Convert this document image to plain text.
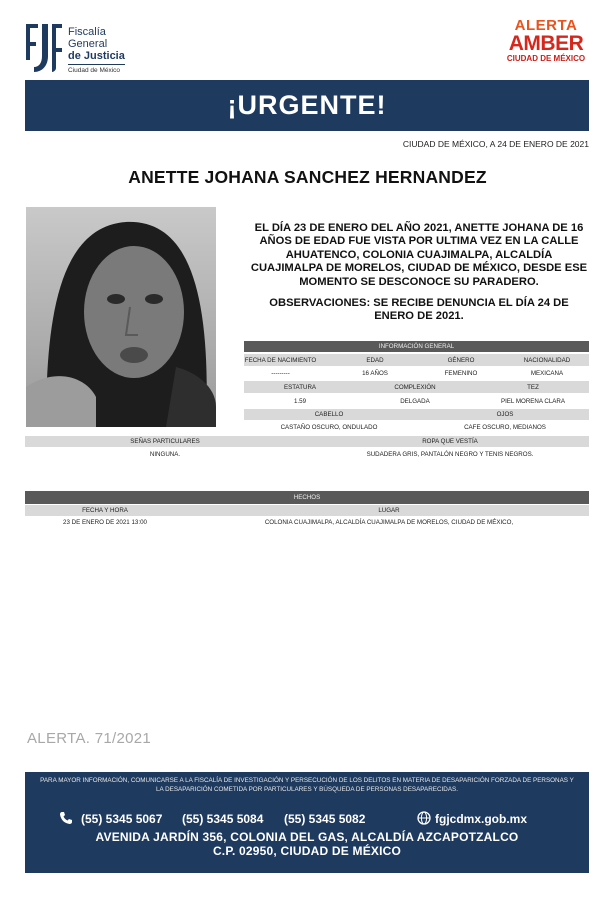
Fiscalía
General
de Justicia
Ciudad de México
ALERTA
AMBER
CIUDAD DE MÉXICO
¡URGENTE!
CIUDAD DE MÉXICO, A 24 DE ENERO DE 2021
ANETTE JOHANA SANCHEZ HERNANDEZ
EL DÍA 23 DE ENERO DEL AÑO 2021, ANETTE JOHANA DE 16 AÑOS DE EDAD FUE VISTA POR ULTIMA VEZ EN LA CALLE AHUATENCO, COLONIA CUAJIMALPA, ALCALDÍA CUAJIMALPA DE MORELOS, CIUDAD DE MÉXICO, DESDE ESE MOMENTO SE DESCONOCE SU PARADERO.
OBSERVACIONES: SE RECIBE DENUNCIA EL DÍA 24 DE ENERO DE 2021.
INFORMACIÓN GENERAL
FECHA DE NACIMIENTO	EDAD	GÉNERO	NACIONALIDAD
---------	16 AÑOS	FEMENINO	MEXICANA
ESTATURA	COMPLEXIÓN	TEZ
1.59	DELGADA	PIEL MORENA CLARA
CABELLO	OJOS
CASTAÑO OSCURO, ONDULADO	CAFE OSCURO, MEDIANOS
SEÑAS PARTICULARES	ROPA QUE VESTÍA
NINGUNA.	SUDADERA GRIS, PANTALÓN NEGRO Y TENIS NEGROS.
HECHOS
FECHA Y HORA	LUGAR
23 DE ENERO DE 2021 13:00	COLONIA CUAJIMALPA, ALCALDÍA CUAJIMALPA DE MORELOS, CIUDAD DE MÉXICO,
ALERTA. 71/2021
PARA MAYOR INFORMACIÓN, COMUNICARSE A LA FISCALÍA DE INVESTIGACIÓN Y PERSECUCIÓN DE LOS DELITOS EN MATERIA DE DESAPARICIÓN FORZADA DE PERSONAS Y LA DESAPARICIÓN COMETIDA POR PARTICULARES Y BÚSQUEDA DE PERSONAS DESAPARECIDAS.
(55) 5345 5067 (55) 5345 5084 (55) 5345 5082	fgjcdmx.gob.mx
AVENIDA JARDÍN 356, COLONIA DEL GAS, ALCALDÍA AZCAPOTZALCO
C.P. 02950, CIUDAD DE MÉXICO
